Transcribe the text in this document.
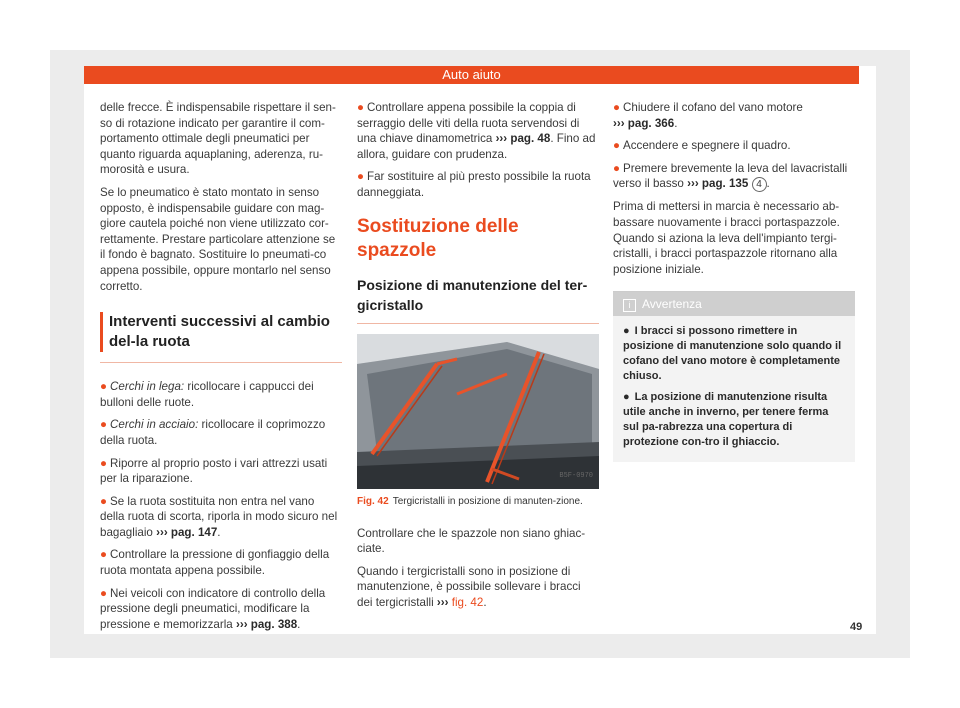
Auto aiuto

delle frecce. È indispensabile rispettare il sen-so di rotazione indicato per garantire il com-portamento ottimale degli pneumatici per quanto riguarda aquaplaning, aderenza, ru-morosità e usura.

Se lo pneumatico è stato montato in senso opposto, è indispensabile guidare con mag-giore cautela poiché non viene utilizzato cor-rettamente. Prestare particolare attenzione se il fondo è bagnato. Sostituire lo pneumati-co appena possibile, oppure montarlo nel senso corretto.

Interventi successivi al cambio del-la ruota

● Cerchi in lega: ricollocare i cappucci dei bulloni delle ruote.

● Cerchi in acciaio: ricollocare il coprimozzo della ruota.

● Riporre al proprio posto i vari attrezzi usati per la riparazione.

● Se la ruota sostituita non entra nel vano della ruota di scorta, riporla in modo sicuro nel bagagliaio ››› pag. 147.

● Controllare la pressione di gonfiaggio della ruota montata appena possibile.

● Nei veicoli con indicatore di controllo della pressione degli pneumatici, modificare la pressione e memorizzarla ››› pag. 388.

● Controllare appena possibile la coppia di serraggio delle viti della ruota servendosi di una chiave dinamometrica ››› pag. 48. Fino ad allora, guidare con prudenza.

● Far sostituire al più presto possibile la ruota danneggiata.

Sostituzione delle spazzole
Posizione di manutenzione del ter-gicristallo
B5F-0970
Fig. 42 Tergicristalli in posizione di manuten-zione.

Controllare che le spazzole non siano ghiac-ciate.

Quando i tergicristalli sono in posizione di manutenzione, è possibile sollevare i bracci dei tergicristalli ››› fig. 42.

● Chiudere il cofano del vano motore
››› pag. 366.

● Accendere e spegnere il quadro.

● Premere brevemente la leva del lavacristalli verso il basso ››› pag. 135 4 .

Prima di mettersi in marcia è necessario ab-bassare nuovamente i bracci portaspazzole. Quando si aziona la leva dell'impianto tergi-cristalli, i bracci portaspazzole ritornano alla posizione iniziale.

i Avvertenza

● I bracci si possono rimettere in posizione di manutenzione solo quando il cofano del vano motore è completamente chiuso.

● La posizione di manutenzione risulta utile anche in inverno, per tenere ferma sul pa-rabrezza una copertura di protezione con-tro il ghiaccio.

49
